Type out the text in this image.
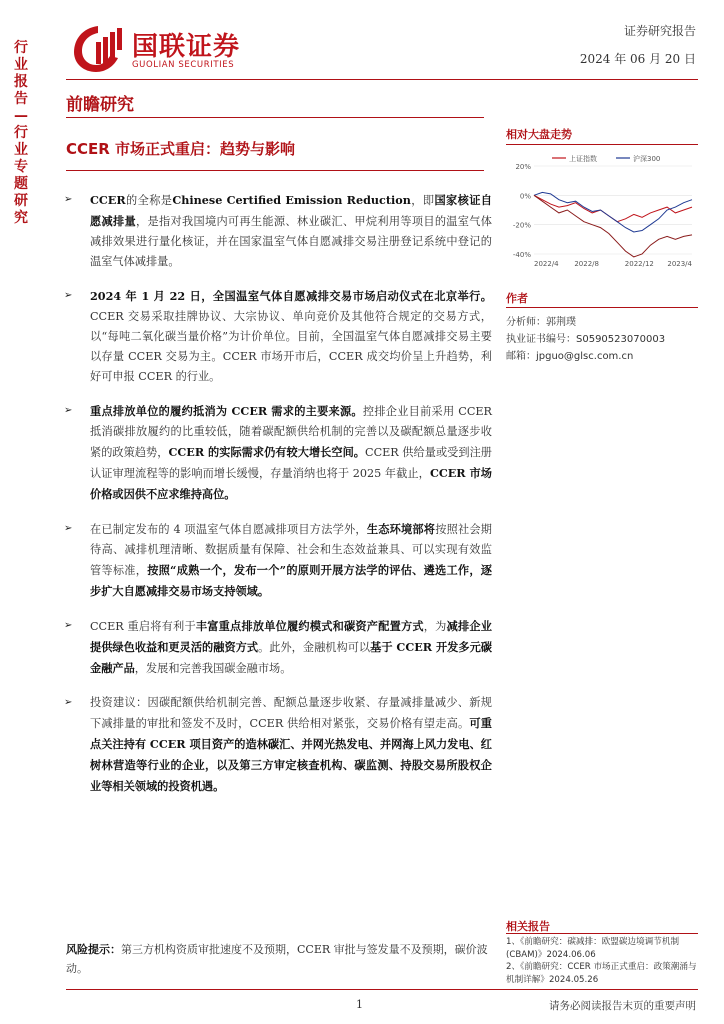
行
业
报
告
—
行
业
专
题
研
究
国联证券
GUOLIAN SECURITIES
证券研究报告
2024 年 06 月 20 日
前瞻研究
CCER 市场正式重启：趋势与影响
➢ CCER的全称是Chinese Certified Emission Reduction，即国家核证自愿减排量，是指对我国境内可再生能源、林业碳汇、甲烷利用等项目的温室气体减排效果进行量化核证，并在国家温室气体自愿减排交易注册登记系统中登记的温室气体减排量。
➢ 2024 年 1 月 22 日，全国温室气体自愿减排交易市场启动仪式在北京举行。CCER 交易采取挂牌协议、大宗协议、单向竞价及其他符合规定的交易方式，以“每吨二氧化碳当量价格”为计价单位。目前，全国温室气体自愿减排交易主要以存量 CCER 交易为主。CCER 市场开市后，CCER 成交均价呈上升趋势，利好可申报 CCER 的行业。
➢ 重点排放单位的履约抵消为 CCER 需求的主要来源。控排企业目前采用 CCER 抵消碳排放履约的比重较低，随着碳配额供给机制的完善以及碳配额总量逐步收紧的政策趋势，CCER 的实际需求仍有较大增长空间。CCER 供给量或受到注册认证审理流程等的影响而增长缓慢，存量消纳也将于 2025 年截止，CCER 市场价格或因供不应求维持高位。
➢ 在已制定发布的 4 项温室气体自愿减排项目方法学外，生态环境部将按照社会期待高、减排机理清晰、数据质量有保障、社会和生态效益兼具、可以实现有效监管等标准，按照“成熟一个，发布一个”的原则开展方法学的评估、遴选工作，逐步扩大自愿减排交易市场支持领域。
➢ CCER 重启将有利于丰富重点排放单位履约模式和碳资产配置方式，为减排企业提供绿色收益和更灵活的融资方式。此外，金融机构可以基于 CCER 开发多元碳金融产品，发展和完善我国碳金融市场。
➢ 投资建议：因碳配额供给机制完善、配额总量逐步收紧、存量减排量减少、新规下减排量的审批和签发不及时，CCER 供给相对紧张，交易价格有望走高。可重点关注持有 CCER 项目资产的造林碳汇、并网光热发电、并网海上风力发电、红树林营造等行业的企业，以及第三方审定核查机构、碳监测、持股交易所股权企业等相关领域的投资机遇。
相对大盘走势
20%
0%
-20%
-40%
2022/4 2022/8	2022/12 2023/4
上证指数	沪深300
作者
分析师：郭荆璞
执业证书编号：S0590523070003
邮箱：jpguo@glsc.com.cn
相关报告
1、《前瞻研究：碳减排：欧盟碳边境调节机制(CBAM)》2024.06.06
2、《前瞻研究：CCER 市场正式重启：政策潮涌与机制详解》2024.05.26
风险提示：第三方机构资质审批速度不及预期，CCER 审批与签发量不及预期，碳价波动。
1	请务必阅读报告末页的重要声明
